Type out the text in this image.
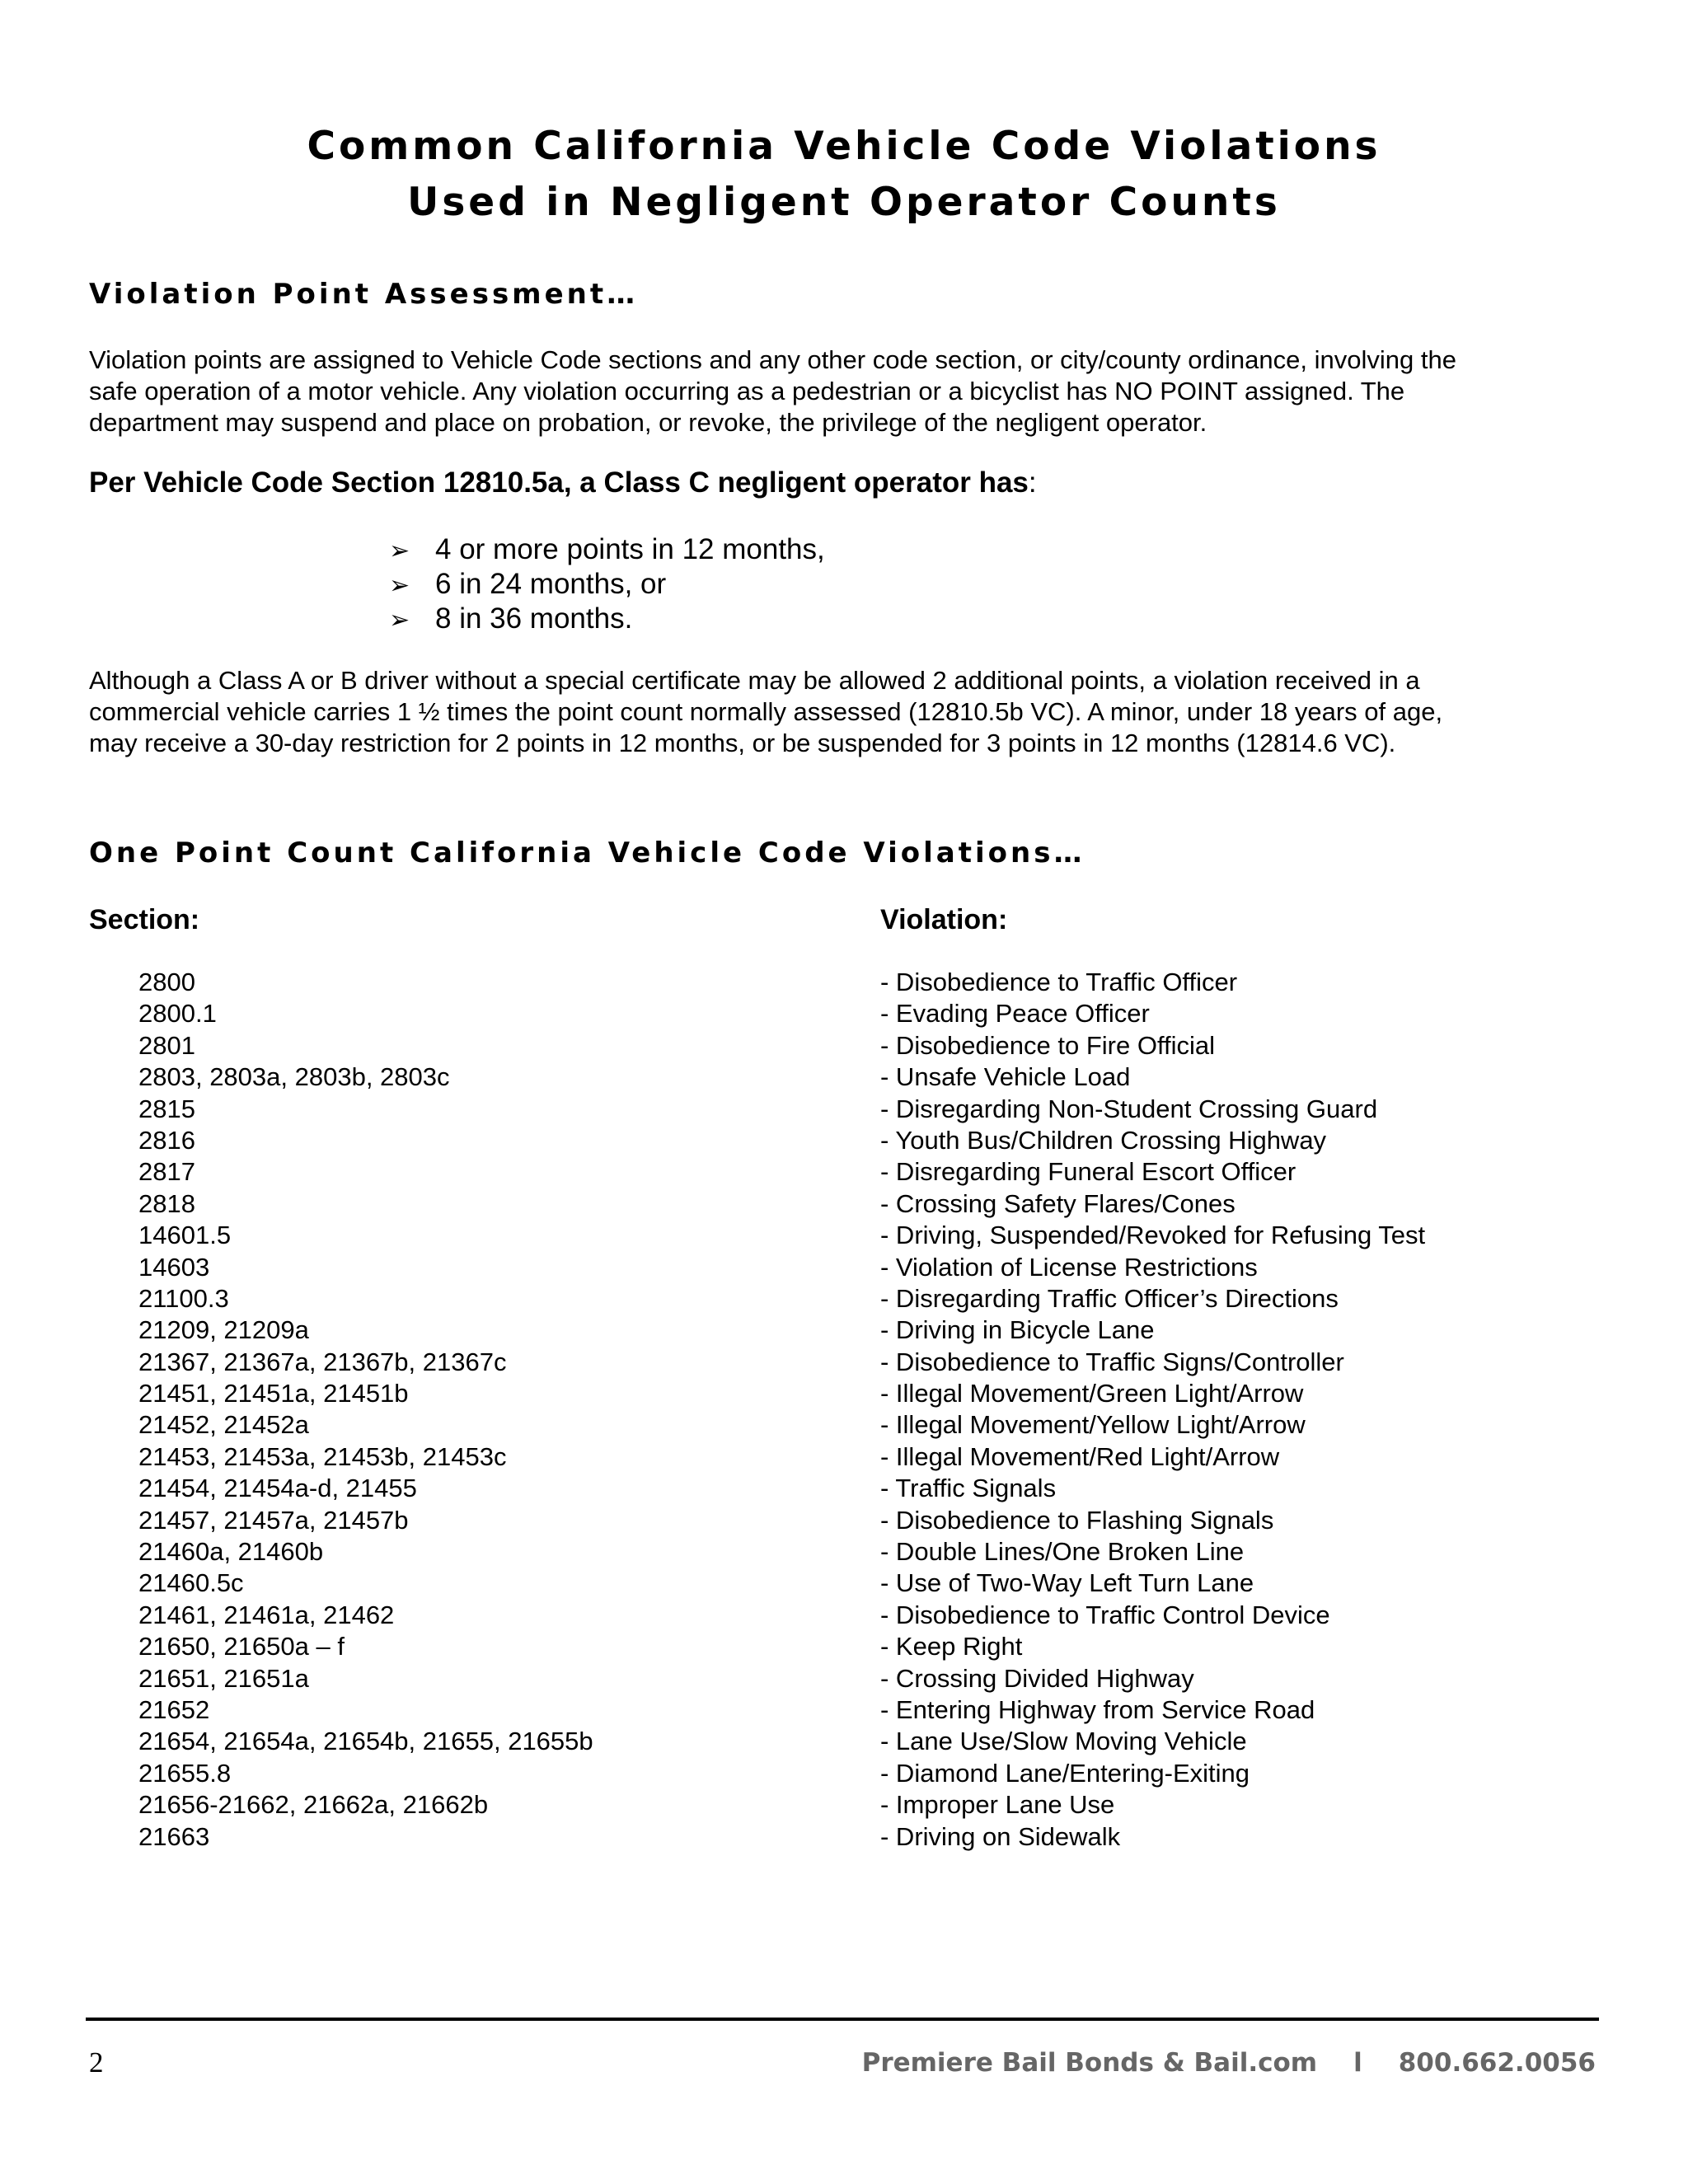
Common California Vehicle Code Violations
Used in Negligent Operator Counts
Violation Point Assessment…

Violation points are assigned to Vehicle Code sections and any other code section, or city/county ordinance, involving the

safe operation of a motor vehicle. Any violation occurring as a pedestrian or a bicyclist has NO POINT assigned. The

department may suspend and place on probation, or revoke, the privilege of the negligent operator.

Per Vehicle Code Section 12810.5a, a Class C negligent operator has:
➢ 4 or more points in 12 months,
➢ 6 in 24 months, or
➢ 8 in 36 months.

Although a Class A or B driver without a special certificate may be allowed 2 additional points, a violation received in a

commercial vehicle carries 1 ½ times the point count normally assessed (12810.5b VC). A minor, under 18 years of age,

may receive a 30-day restriction for 2 points in 12 months, or be suspended for 3 points in 12 months (12814.6 VC).

One Point Count California Vehicle Code Violations…
Section:	Violation:
2800	- Disobedience to Traffic Officer
2800.1	- Evading Peace Officer
2801	- Disobedience to Fire Official
2803, 2803a, 2803b, 2803c	- Unsafe Vehicle Load
2815	- Disregarding Non-Student Crossing Guard
2816	- Youth Bus/Children Crossing Highway
2817	- Disregarding Funeral Escort Officer
2818	- Crossing Safety Flares/Cones
14601.5	- Driving, Suspended/Revoked for Refusing Test
14603	- Violation of License Restrictions
21100.3	- Disregarding Traffic Officer’s Directions
21209, 21209a	- Driving in Bicycle Lane
21367, 21367a, 21367b, 21367c	- Disobedience to Traffic Signs/Controller
21451, 21451a, 21451b	- Illegal Movement/Green Light/Arrow
21452, 21452a	- Illegal Movement/Yellow Light/Arrow
21453, 21453a, 21453b, 21453c	- Illegal Movement/Red Light/Arrow
21454, 21454a-d, 21455	- Traffic Signals
21457, 21457a, 21457b	- Disobedience to Flashing Signals
21460a, 21460b	- Double Lines/One Broken Line
21460.5c	- Use of Two-Way Left Turn Lane
21461, 21461a, 21462	- Disobedience to Traffic Control Device
21650, 21650a – f	- Keep Right
21651, 21651a	- Crossing Divided Highway
21652	- Entering Highway from Service Road
21654, 21654a, 21654b, 21655, 21655b	- Lane Use/Slow Moving Vehicle
21655.8	- Diamond Lane/Entering-Exiting
21656-21662, 21662a, 21662b	- Improper Lane Use
21663	- Driving on Sidewalk
2	Premiere Bail Bonds & Bail.com l 800.662.0056
